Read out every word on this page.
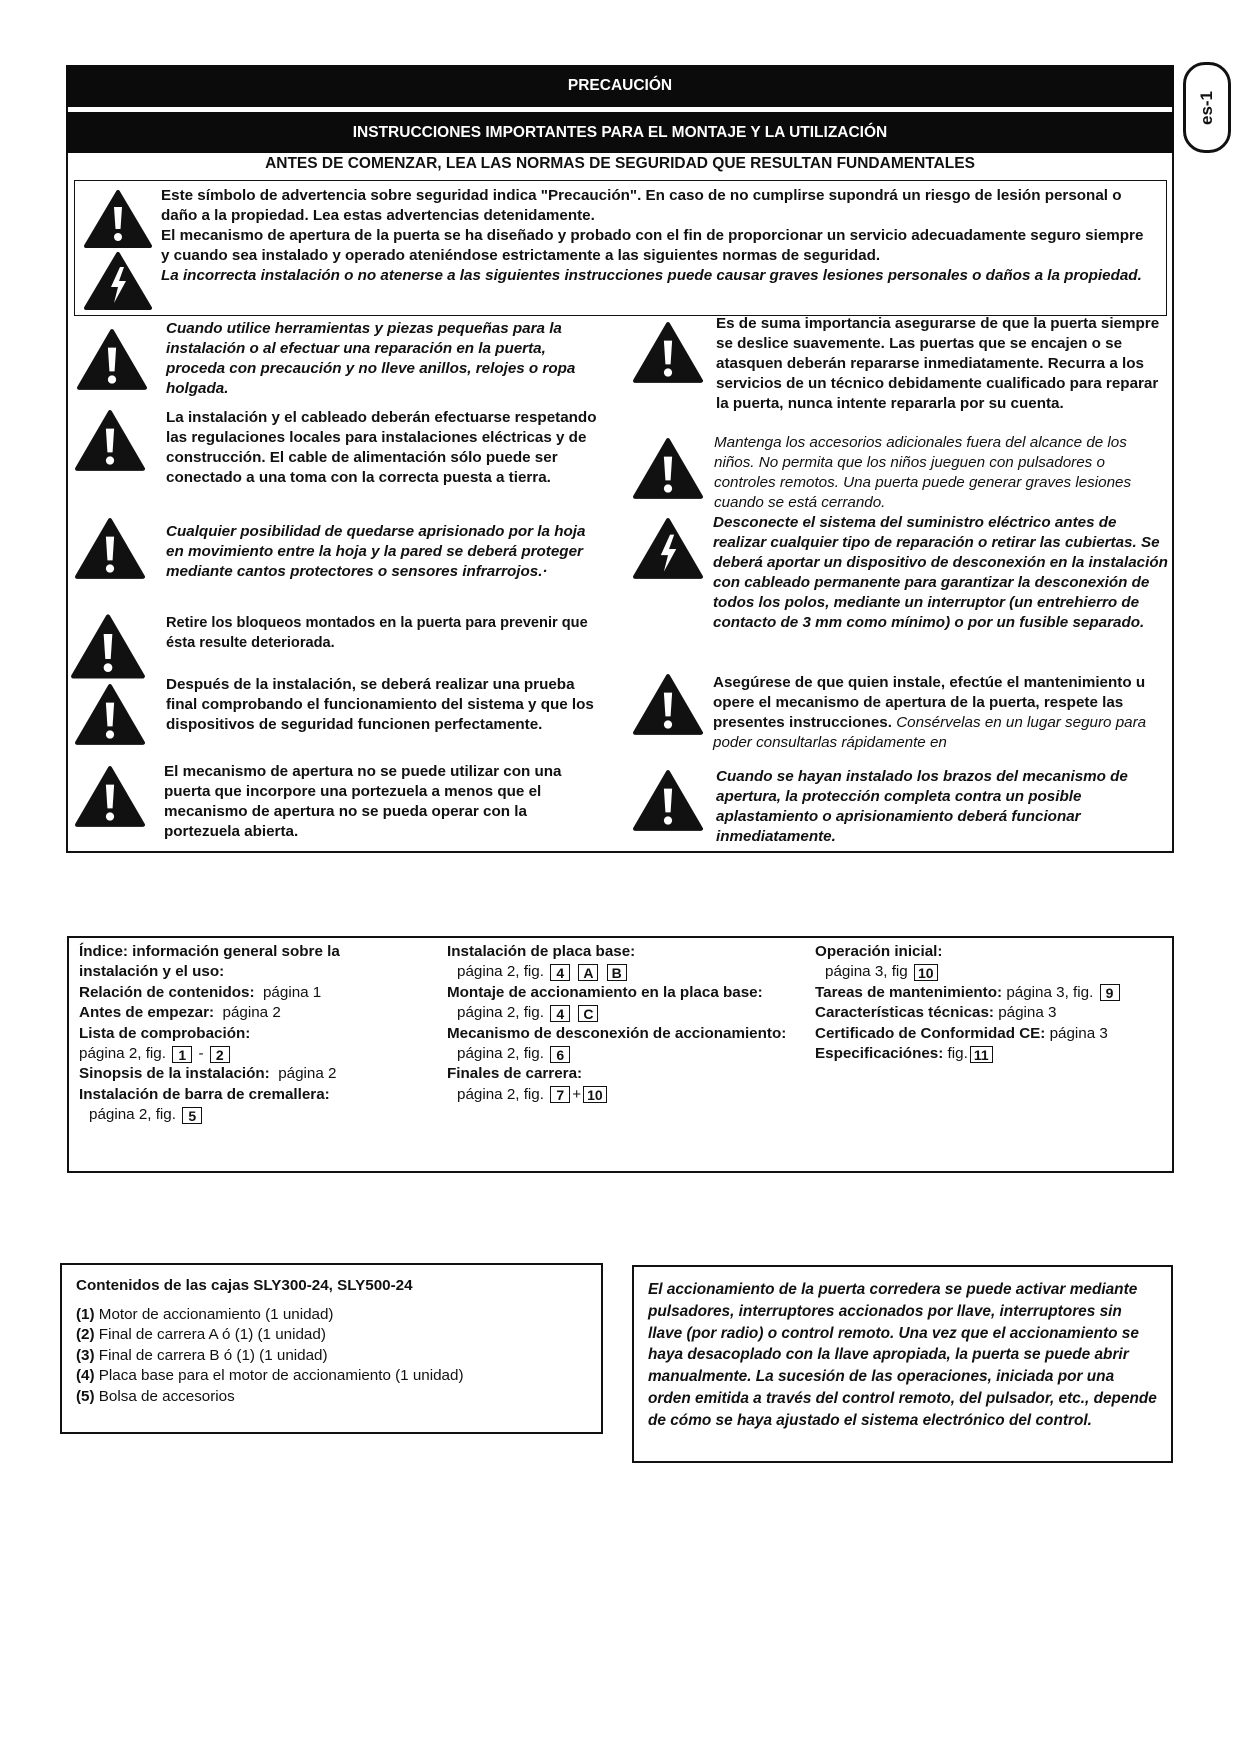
es-1
PRECAUCIÓN
INSTRUCCIONES IMPORTANTES PARA EL MONTAJE Y LA UTILIZACIÓN
ANTES DE COMENZAR, LEA LAS NORMAS DE SEGURIDAD QUE RESULTAN FUNDAMENTALES

Este símbolo de advertencia sobre seguridad indica "Precaución". En caso de no cumplirse supondrá un riesgo de lesión personal o daño a la propiedad. Lea estas advertencias detenidamente.

El mecanismo de apertura de la puerta se ha diseñado y probado con el fin de proporcionar un servicio adecuadamente seguro siempre y cuando sea instalado y operado ateniéndose estrictamente a las siguientes normas de seguridad.

La incorrecta instalación o no atenerse a las siguientes instrucciones puede causar graves lesiones personales o daños a la propiedad.

Cuando utilice herramientas y piezas pequeñas para la instalación o al efectuar una reparación en la puerta, proceda con precaución y no lleve anillos, relojes o ropa holgada.
La instalación y el cableado deberán efectuarse respetando las regulaciones locales para instalaciones eléctricas y de construcción. El cable de alimentación sólo puede ser conectado a una toma con la correcta puesta a tierra.
Cualquier posibilidad de quedarse aprisionado por la hoja en movimiento entre la hoja y la pared se deberá proteger mediante cantos protectores o sensores infrarrojos.·
Retire los bloqueos montados en la puerta para prevenir que ésta resulte deteriorada.
Después de la instalación, se deberá realizar una prueba final comprobando el funcionamiento del sistema y que los dispositivos de seguridad funcionen perfectamente.
El mecanismo de apertura no se puede utilizar con una puerta que incorpore una portezuela a menos que el mecanismo de apertura no se pueda operar con la portezuela abierta.
Es de suma importancia asegurarse de que la puerta siempre se deslice suavemente. Las puertas que se encajen o se atasquen deberán repararse inmediatamente. Recurra a los servicios de un técnico debidamente cualificado para reparar la puerta, nunca intente repararla por su cuenta.
Mantenga los accesorios adicionales fuera del alcance de los niños. No permita que los niños jueguen con pulsadores o controles remotos. Una puerta puede generar graves lesiones cuando se está cerrando.
Desconecte el sistema del suministro eléctrico antes de realizar cualquier tipo de reparación o retirar las cubiertas. Se deberá aportar un dispositivo de desconexión en la instalación con cableado permanente para garantizar la desconexión de todos los polos, mediante un interruptor (un entrehierro de contacto de 3 mm como mínimo) o por un fusible separado.
Asegúrese de que quien instale, efectúe el mantenimiento u opere el mecanismo de apertura de la puerta, respete las presentes instrucciones. Consérvelas en un lugar seguro para poder consultarlas rápidamente en
Cuando se hayan instalado los brazos del mecanismo de apertura, la protección completa contra un posible aplastamiento o aprisionamiento deberá funcionar inmediatamente.
Índice: información general sobre la
instalación y el uso:
Relación de contenidos: página 1
Antes de empezar: página 2
Lista de comprobación:
página 2, fig. 1 - 2
Sinopsis de la instalación: página 2
Instalación de barra de cremallera:
página 2, fig. 5
Instalación de placa base:
página 2, fig. 4 A B
Montaje de accionamiento en la placa base:
página 2, fig. 4 C
Mecanismo de desconexión de accionamiento:
página 2, fig. 6
Finales de carrera:
página 2, fig. 7 + 10
Operación inicial:
página 3, fig 10
Tareas de mantenimiento: página 3, fig. 9
Características técnicas: página 3
Certificado de Conformidad CE: página 3
Especificaciónes: fig. 11
Contenidos de las cajas SLY300-24, SLY500-24
(1) Motor de accionamiento (1 unidad)
(2) Final de carrera A ó (1) (1 unidad)
(3) Final de carrera B ó (1) (1 unidad)
(4) Placa base para el motor de accionamiento (1 unidad)
(5) Bolsa de accesorios

El accionamiento de la puerta corredera se puede activar mediante pulsadores, interruptores accionados por llave, interruptores sin llave (por radio) o control remoto. Una vez que el accionamiento se haya desacoplado con la llave apropiada, la puerta se puede abrir manualmente. La sucesión de las operaciones, iniciada por una orden emitida a través del control remoto, del pulsador, etc., depende de cómo se haya ajustado el sistema electrónico del control.
